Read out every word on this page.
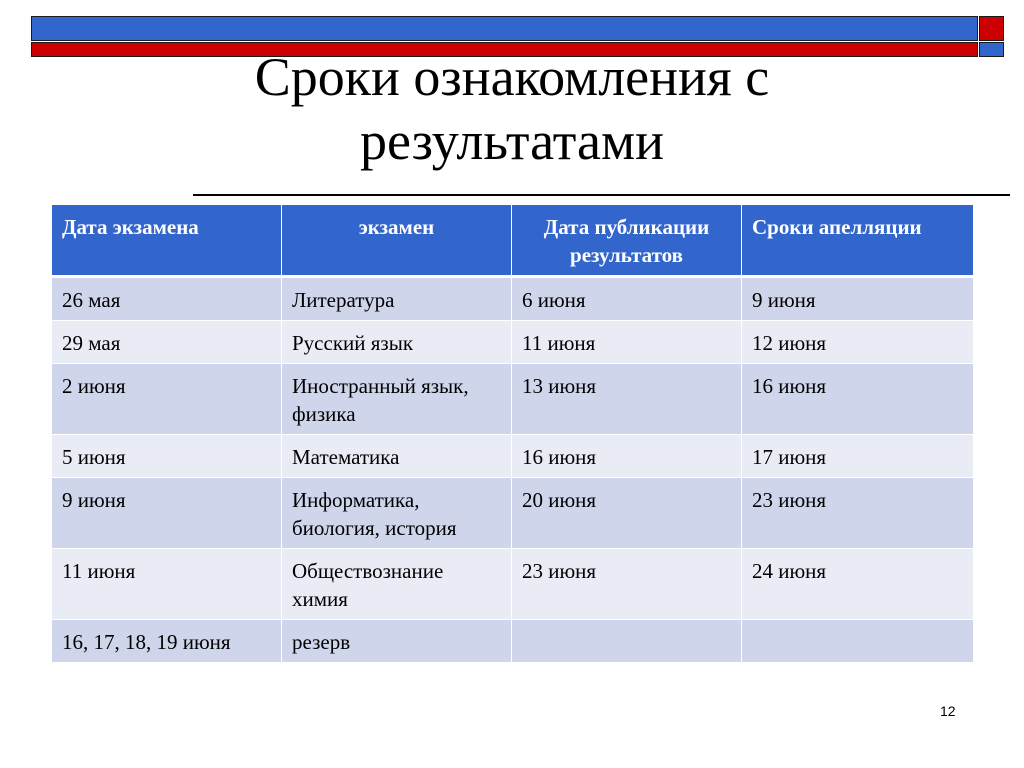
Сроки ознакомления с
результатами
Дата экзамена	экзамен	Дата публикации результатов	Сроки апелляции
26 мая	Литература	6 июня	9 июня
29 мая	Русский язык	11 июня	12 июня
2 июня	Иностранный язык, физика	13 июня	16 июня
5 июня	Математика	16 июня	17 июня
9 июня	Информатика, биология, история	20 июня	23 июня
11 июня	Обществознание химия	23 июня	24 июня
16, 17, 18, 19 июня	резерв		
12
